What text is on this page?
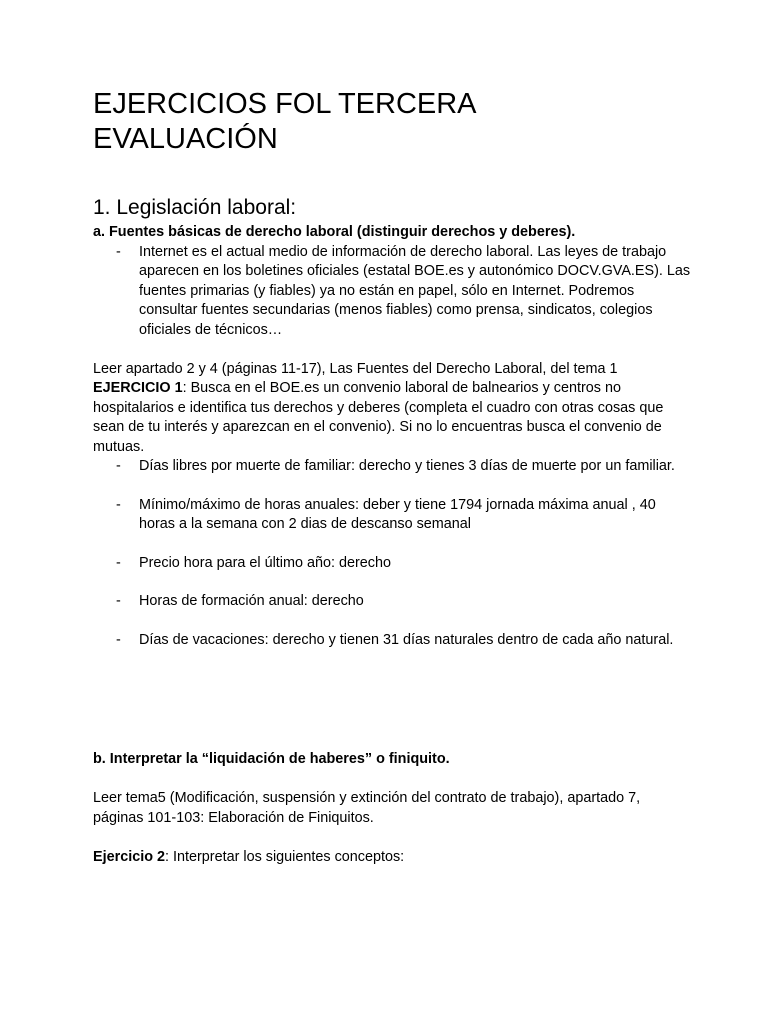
EJERCICIOS FOL TERCERA
EVALUACIÓN
1. Legislación laboral:

a. Fuentes básicas de derecho laboral (distinguir derechos y deberes).

- Internet es el actual medio de información de derecho laboral. Las leyes de trabajo aparecen en los boletines oficiales (estatal BOE.es y autonómico DOCV.GVA.ES). Las fuentes primarias (y fiables) ya no están en papel, sólo en Internet. Podremos consultar fuentes secundarias (menos fiables) como prensa, sindicatos, colegios oficiales de técnicos…

Leer apartado 2 y 4 (páginas 11-17), Las Fuentes del Derecho Laboral, del tema 1

EJERCICIO 1: Busca en el BOE.es un convenio laboral de balnearios y centros no hospitalarios e identifica tus derechos y deberes (completa el cuadro con otras cosas que sean de tu interés y aparezcan en el convenio). Si no lo encuentras busca el convenio de mutuas.

- Días libres por muerte de familiar: derecho y tienes 3 días de muerte por un familiar.
- Mínimo/máximo de horas anuales: deber y tiene 1794 jornada máxima anual , 40 horas a la semana con 2 dias de descanso semanal
- Precio hora para el último año: derecho
- Horas de formación anual: derecho
- Días de vacaciones: derecho y tienen 31 días naturales dentro de cada año natural.

b. Interpretar la “liquidación de haberes” o finiquito.

Leer tema5 (Modificación, suspensión y extinción del contrato de trabajo), apartado 7, páginas 101-103: Elaboración de Finiquitos.

Ejercicio 2: Interpretar los siguientes conceptos:
